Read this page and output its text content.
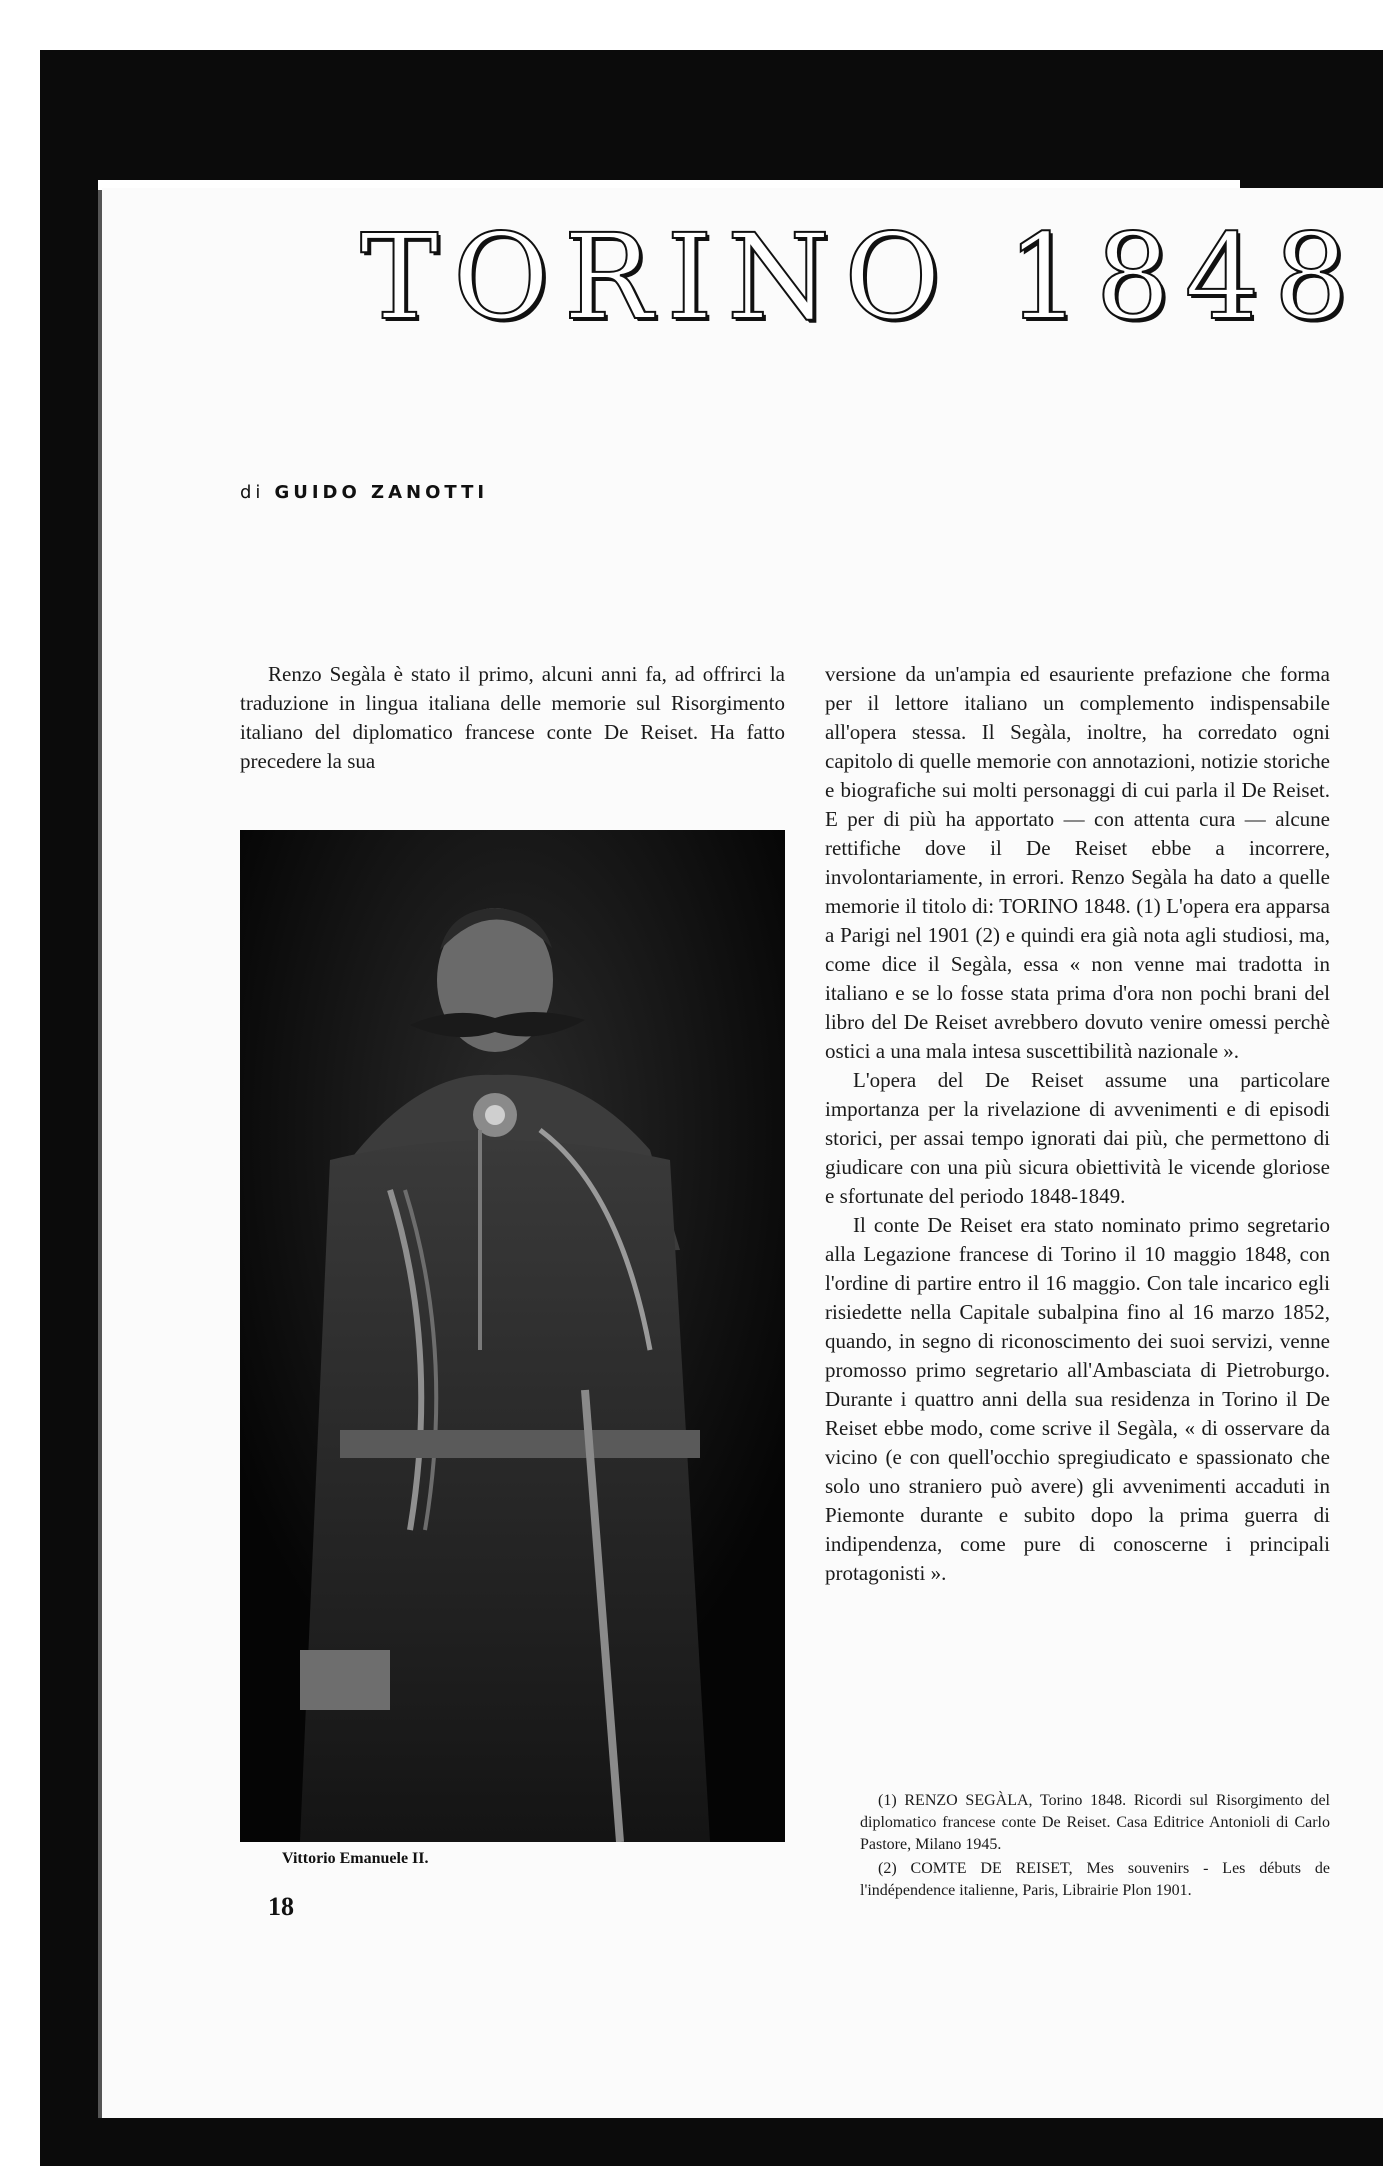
TORINO 1848
di GUIDO ZANOTTI
Renzo Segàla è stato il primo, alcuni anni fa, ad offrirci la traduzione in lingua italiana delle memorie sul Risorgimento italiano del diplomatico francese conte De Reiset. Ha fatto precedere la sua
Vittorio Emanuele II.

versione da un'ampia ed esauriente prefazione che forma per il lettore italiano un complemento indispensabile all'opera stessa. Il Segàla, inoltre, ha corredato ogni capitolo di quelle memorie con annotazioni, notizie storiche e biografiche sui molti personaggi di cui parla il De Reiset. E per di più ha apportato — con attenta cura — alcune rettifiche dove il De Reiset ebbe a incorrere, involontariamente, in errori. Renzo Segàla ha dato a quelle memorie il titolo di: TORINO 1848. (1) L'opera era apparsa a Parigi nel 1901 (2) e quindi era già nota agli studiosi, ma, come dice il Segàla, essa « non venne mai tradotta in italiano e se lo fosse stata prima d'ora non pochi brani del libro del De Reiset avrebbero dovuto venire omessi perchè ostici a una mala intesa suscettibilità nazionale ».

L'opera del De Reiset assume una particolare importanza per la rivelazione di avvenimenti e di episodi storici, per assai tempo ignorati dai più, che permettono di giudicare con una più sicura obiettività le vicende gloriose e sfortunate del periodo 1848-1849.

Il conte De Reiset era stato nominato primo segretario alla Legazione francese di Torino il 10 maggio 1848, con l'ordine di partire entro il 16 maggio. Con tale incarico egli risiedette nella Capitale subalpina fino al 16 marzo 1852, quando, in segno di riconoscimento dei suoi servizi, venne promosso primo segretario all'Ambasciata di Pietroburgo. Durante i quattro anni della sua residenza in Torino il De Reiset ebbe modo, come scrive il Segàla, « di osservare da vicino (e con quell'occhio spregiudicato e spassionato che solo uno straniero può avere) gli avvenimenti accaduti in Piemonte durante e subito dopo la prima guerra di indipendenza, come pure di conoscerne i principali protagonisti ».

(1) RENZO SEGÀLA, Torino 1848. Ricordi sul Risorgimento del diplomatico francese conte De Reiset. Casa Editrice Antonioli di Carlo Pastore, Milano 1945.

(2) COMTE DE REISET, Mes souvenirs - Les débuts de l'indépendence italienne, Paris, Librairie Plon 1901.

18
